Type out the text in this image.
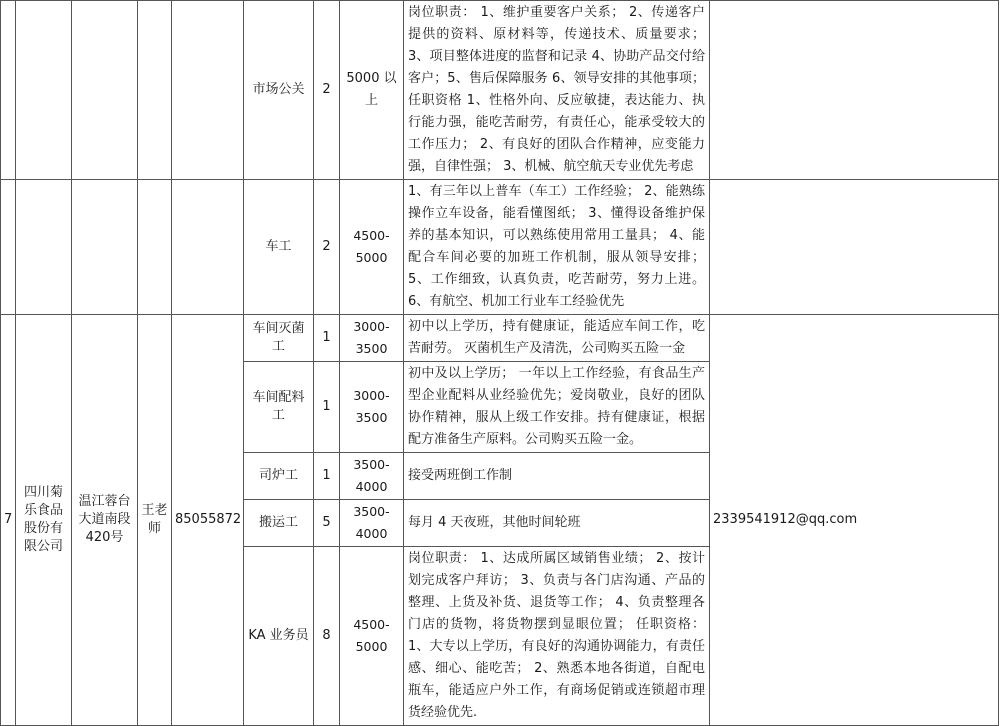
					市场公关	2	5000 以上	岗位职责： 1、维护重要客户关系； 2、传递客户提供的资料、原材料等，传递技术、质量要求； 3、项目整体进度的监督和记录 4、协助产品交付给客户；5、售后保障服务 6、领导安排的其他事项； 任职资格 1、性格外向、反应敏捷，表达能力、执行能力强，能吃苦耐劳，有责任心，能承受较大的工作压力； 2、有良好的团队合作精神，应变能力强，自律性强； 3、机械、航空航天专业优先考虑	
					车工	2	4500-5000	1、有三年以上普车（车工）工作经验； 2、能熟练操作立车设备，能看懂图纸； 3、懂得设备维护保养的基本知识，可以熟练使用常用工量具； 4、能配合车间必要的加班工作机制，服从领导安排； 5、工作细致，认真负责，吃苦耐劳，努力上进。 6、有航空、机加工行业车工经验优先	
7	四川菊乐食品股份有限公司	温江蓉台大道南段420号	王老师	85055872	车间灭菌工	1	3000-3500	初中以上学历，持有健康证，能适应车间工作，吃苦耐劳。 灭菌机生产及清洗，公司购买五险一金	2339541912@qq.com
					车间配料工	1	3000-3500	初中及以上学历； 一年以上工作经验，有食品生产型企业配料从业经验优先；爱岗敬业，良好的团队协作精神，服从上级工作安排。持有健康证，根据配方准备生产原料。公司购买五险一金。	
					司炉工	1	3500-4000	接受两班倒工作制	
					搬运工	5	3500-4000	每月 4 天夜班，其他时间轮班	
					KA 业务员	8	4500-5000	岗位职责： 1、达成所属区域销售业绩； 2、按计划完成客户拜访； 3、负责与各门店沟通、产品的整理、上货及补货、退货等工作； 4、负责整理各门店的货物，将货物摆到显眼位置； 任职资格：1、大专以上学历，有良好的沟通协调能力，有责任感、细心、能吃苦； 2、熟悉本地各街道，自配电瓶车，能适应户外工作，有商场促销或连锁超市理货经验优先.	
